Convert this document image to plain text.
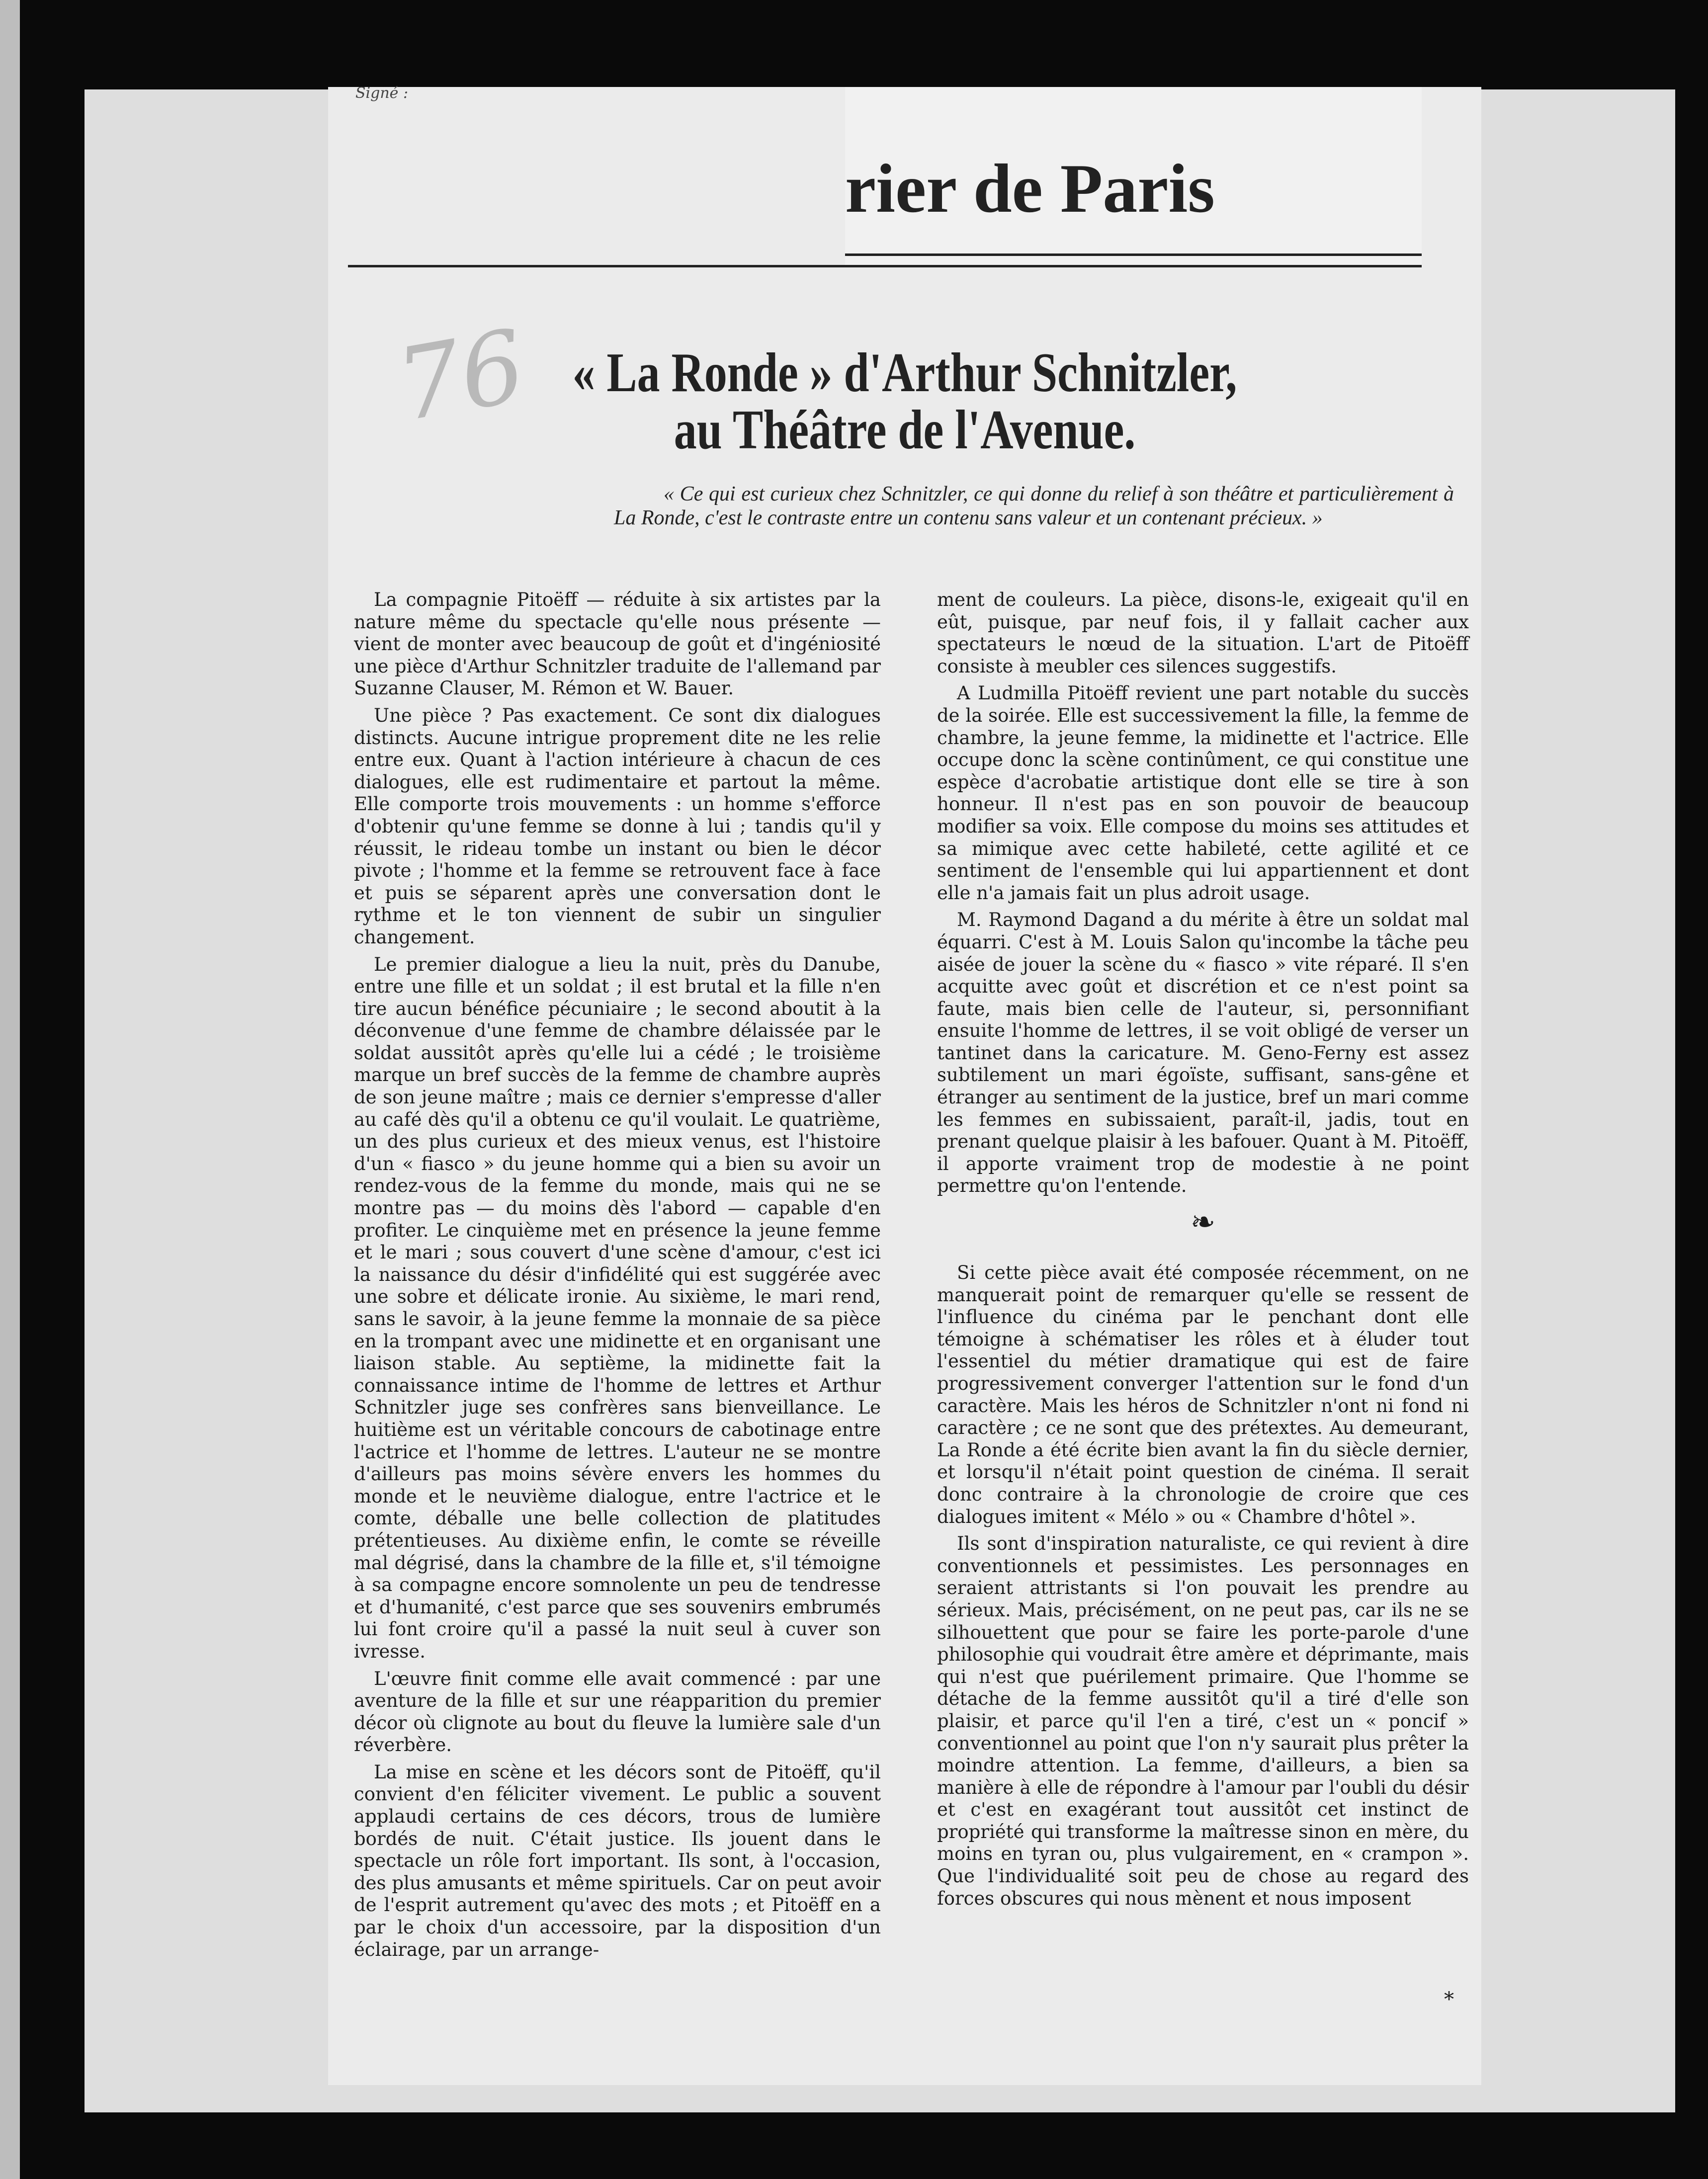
Signé :
rier de Paris
76 « La Ronde » d'Arthur Schnitzler,
au Théâtre de l'Avenue.
« Ce qui est curieux chez Schnitzler, ce qui donne du relief à son théâtre et particulièrement à La Ronde, c'est le contraste entre un contenu sans valeur et un contenant précieux. »

La compagnie Pitoëff — réduite à six artistes par la nature même du spectacle qu'elle nous présente — vient de monter avec beaucoup de goût et d'ingéniosité une pièce d'Arthur Schnitzler traduite de l'allemand par Suzanne Clauser, M. Rémon et W. Bauer.

Une pièce ? Pas exactement. Ce sont dix dialogues distincts. Aucune intrigue proprement dite ne les relie entre eux. Quant à l'action intérieure à chacun de ces dialogues, elle est rudimentaire et partout la même. Elle comporte trois mouvements : un homme s'efforce d'obtenir qu'une femme se donne à lui ; tandis qu'il y réussit, le rideau tombe un instant ou bien le décor pivote ; l'homme et la femme se retrouvent face à face et puis se séparent après une conversation dont le rythme et le ton viennent de subir un singulier changement.

Le premier dialogue a lieu la nuit, près du Danube, entre une fille et un soldat ; il est brutal et la fille n'en tire aucun bénéfice pécuniaire ; le second aboutit à la déconvenue d'une femme de chambre délaissée par le soldat aussitôt après qu'elle lui a cédé ; le troisième marque un bref succès de la femme de chambre auprès de son jeune maître ; mais ce dernier s'empresse d'aller au café dès qu'il a obtenu ce qu'il voulait. Le quatrième, un des plus curieux et des mieux venus, est l'histoire d'un « fiasco » du jeune homme qui a bien su avoir un rendez-vous de la femme du monde, mais qui ne se montre pas — du moins dès l'abord — capable d'en profiter. Le cinquième met en présence la jeune femme et le mari ; sous couvert d'une scène d'amour, c'est ici la naissance du désir d'infidélité qui est suggérée avec une sobre et délicate ironie. Au sixième, le mari rend, sans le savoir, à la jeune femme la monnaie de sa pièce en la trompant avec une midinette et en organisant une liaison stable. Au septième, la midinette fait la connaissance intime de l'homme de lettres et Arthur Schnitzler juge ses confrères sans bienveillance. Le huitième est un véritable concours de cabotinage entre l'actrice et l'homme de lettres. L'auteur ne se montre d'ailleurs pas moins sévère envers les hommes du monde et le neuvième dialogue, entre l'actrice et le comte, déballe une belle collection de platitudes prétentieuses. Au dixième enfin, le comte se réveille mal dégrisé, dans la chambre de la fille et, s'il témoigne à sa compagne encore somnolente un peu de tendresse et d'humanité, c'est parce que ses souvenirs embrumés lui font croire qu'il a passé la nuit seul à cuver son ivresse.

L'œuvre finit comme elle avait commencé : par une aventure de la fille et sur une réapparition du premier décor où clignote au bout du fleuve la lumière sale d'un réverbère.

La mise en scène et les décors sont de Pitoëff, qu'il convient d'en féliciter vivement. Le public a souvent applaudi certains de ces décors, trous de lumière bordés de nuit. C'était justice. Ils jouent dans le spectacle un rôle fort important. Ils sont, à l'occasion, des plus amusants et même spirituels. Car on peut avoir de l'esprit autrement qu'avec des mots ; et Pitoëff en a par le choix d'un accessoire, par la disposition d'un éclairage, par un arrange-

ment de couleurs. La pièce, disons-le, exigeait qu'il en eût, puisque, par neuf fois, il y fallait cacher aux spectateurs le nœud de la situation. L'art de Pitoëff consiste à meubler ces silences suggestifs.

A Ludmilla Pitoëff revient une part notable du succès de la soirée. Elle est successivement la fille, la femme de chambre, la jeune femme, la midinette et l'actrice. Elle occupe donc la scène continûment, ce qui constitue une espèce d'acrobatie artistique dont elle se tire à son honneur. Il n'est pas en son pouvoir de beaucoup modifier sa voix. Elle compose du moins ses attitudes et sa mimique avec cette habileté, cette agilité et ce sentiment de l'ensemble qui lui appartiennent et dont elle n'a jamais fait un plus adroit usage.

M. Raymond Dagand a du mérite à être un soldat mal équarri. C'est à M. Louis Salon qu'incombe la tâche peu aisée de jouer la scène du « fiasco » vite réparé. Il s'en acquitte avec goût et discrétion et ce n'est point sa faute, mais bien celle de l'auteur, si, personnifiant ensuite l'homme de lettres, il se voit obligé de verser un tantinet dans la caricature. M. Geno-Ferny est assez subtilement un mari égoïste, suffisant, sans-gêne et étranger au sentiment de la justice, bref un mari comme les femmes en subissaient, paraît-il, jadis, tout en prenant quelque plaisir à les bafouer. Quant à M. Pitoëff, il apporte vraiment trop de modestie à ne point permettre qu'on l'entende.

❧

Si cette pièce avait été composée récemment, on ne manquerait point de remarquer qu'elle se ressent de l'influence du cinéma par le penchant dont elle témoigne à schématiser les rôles et à éluder tout l'essentiel du métier dramatique qui est de faire progressivement converger l'attention sur le fond d'un caractère. Mais les héros de Schnitzler n'ont ni fond ni caractère ; ce ne sont que des prétextes. Au demeurant, La Ronde a été écrite bien avant la fin du siècle dernier, et lorsqu'il n'était point question de cinéma. Il serait donc contraire à la chronologie de croire que ces dialogues imitent « Mélo » ou « Chambre d'hôtel ».

Ils sont d'inspiration naturaliste, ce qui revient à dire conventionnels et pessimistes. Les personnages en seraient attristants si l'on pouvait les prendre au sérieux. Mais, précisément, on ne peut pas, car ils ne se silhouettent que pour se faire les porte-parole d'une philosophie qui voudrait être amère et déprimante, mais qui n'est que puérilement primaire. Que l'homme se détache de la femme aussitôt qu'il a tiré d'elle son plaisir, et parce qu'il l'en a tiré, c'est un « poncif » conventionnel au point que l'on n'y saurait plus prêter la moindre attention. La femme, d'ailleurs, a bien sa manière à elle de répondre à l'amour par l'oubli du désir et c'est en exagérant tout aussitôt cet instinct de propriété qui transforme la maîtresse sinon en mère, du moins en tyran ou, plus vulgairement, en « crampon ». Que l'individualité soit peu de chose au regard des forces obscures qui nous mènent et nous imposent

*
